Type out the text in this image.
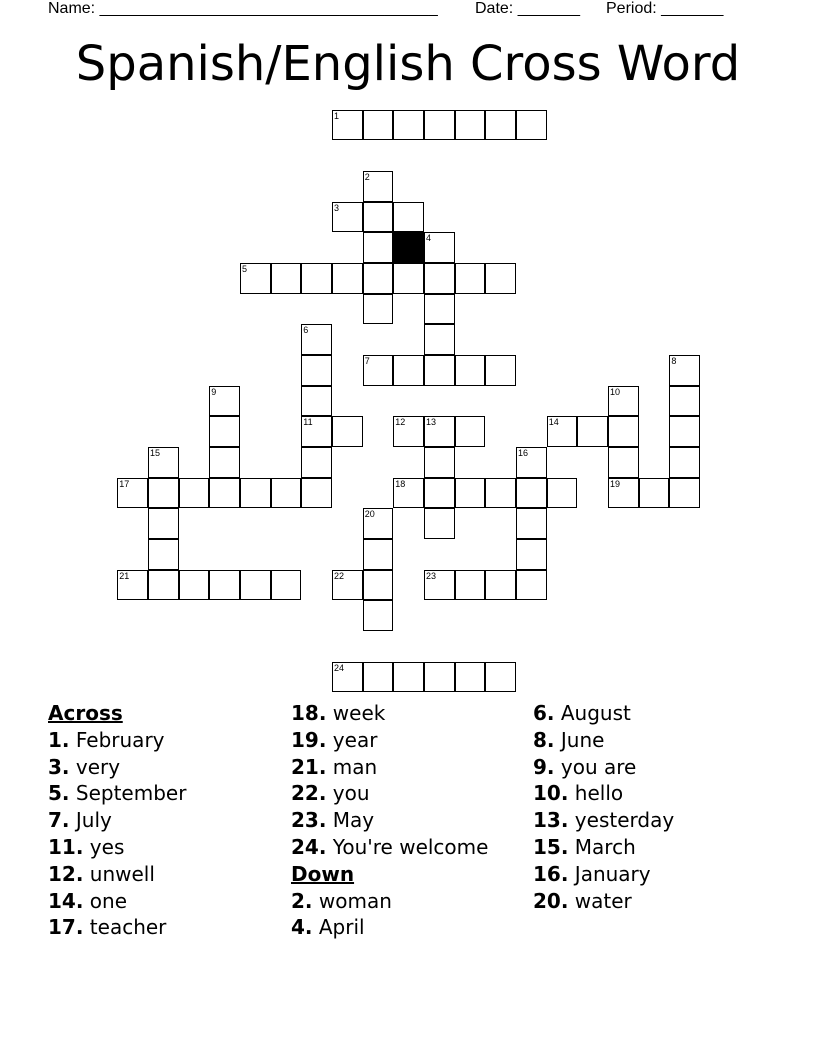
Name: ______________________________________ Date: _______ Period: _______
Spanish/English Cross Word
1
2
3
4
5
6
7	8
9	10
11	12 13	14
15	16
17	18	19
20
21	22	23
24
Across
1. February
3. very
5. September
7. July
11. yes
12. unwell
14. one
17. teacher
18. week
19. year
21. man
22. you
23. May
24. You're welcome
Down
2. woman
4. April
6. August
8. June
9. you are
10. hello
13. yesterday
15. March
16. January
20. water
